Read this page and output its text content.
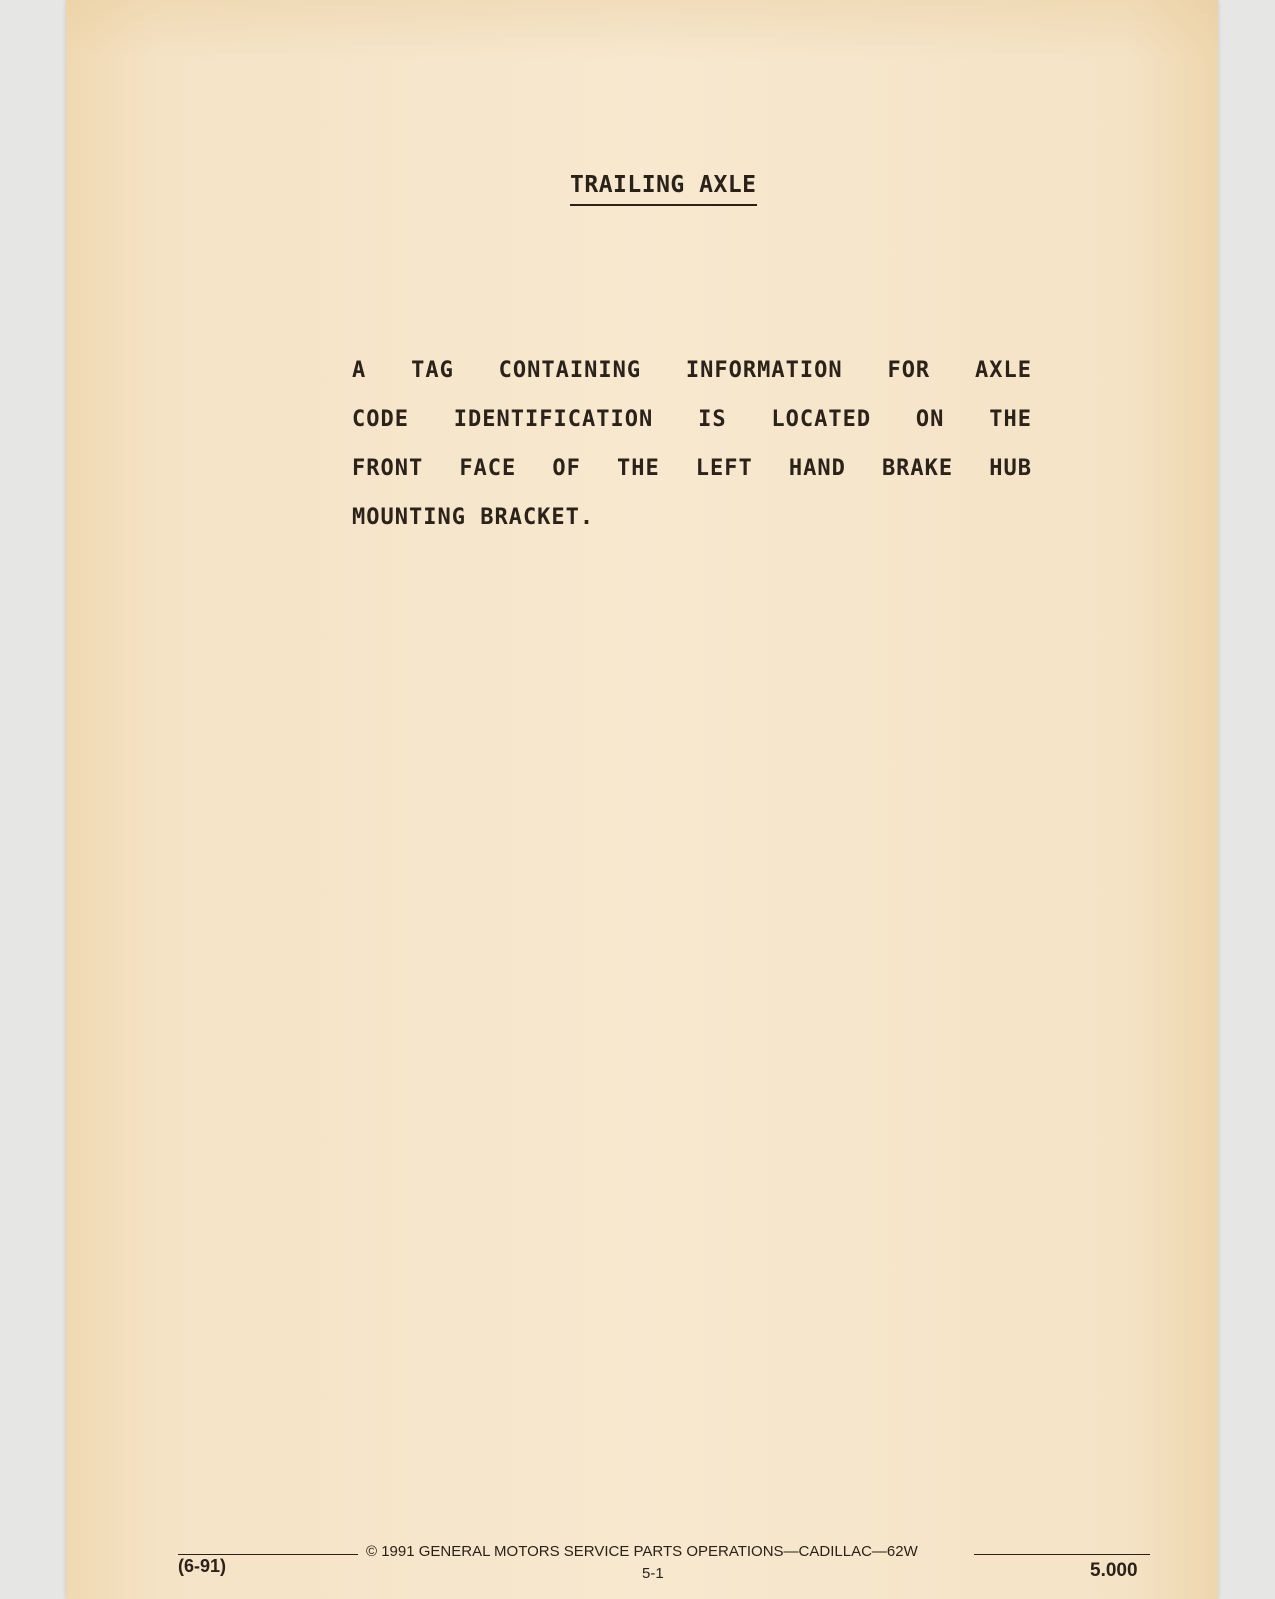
TRAILING AXLE
A TAG CONTAINING INFORMATION FOR AXLE
CODE IDENTIFICATION IS LOCATED ON THE
FRONT FACE OF THE LEFT HAND BRAKE HUB
MOUNTING BRACKET.
© 1991 GENERAL MOTORS SERVICE PARTS OPERATIONS—CADILLAC—62W
(6-91)	5-1	5.000
